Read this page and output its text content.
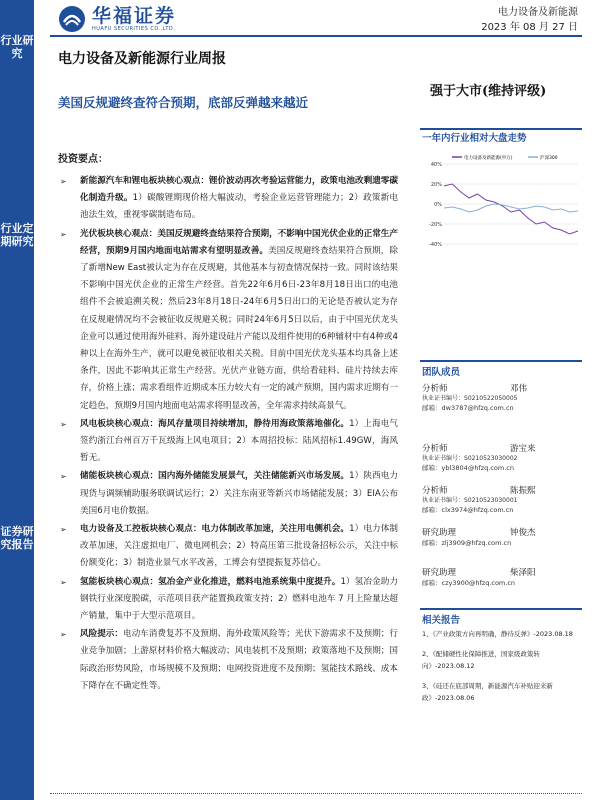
行业研究
行业定期研究
证券研究报告
华福证券
HUAFU SECURITIES CO.,LTD.
电力设备及新能源
2023 年 08 月 27 日
电力设备及新能源行业周报
美国反规避终查符合预期，底部反弹越来越近
强于大市(维持评级)
一年内行业相对大盘走势
40%
20%
0%
-20%
-40%
电力设备及新能源(申万)	沪深300
团队成员
分析师	邓伟
执业证书编号：S0210522050005
邮箱：dw3787@hfzq.com.cn
分析师	游宝来
执业证书编号：S0210523030002
邮箱：ybl3804@hfzq.com.cn
分析师	陈振熙
执业证书编号：S0210523030001
邮箱：clx3974@hfzq.com.cn
研究助理	钟俊杰
邮箱：zlj3909@hfzq.com.cn
研究助理	柴泽阳
邮箱：czy3900@hfzq.com.cn
相关报告
1、《产业政策方向再明确，静待反弹》-2023.08.18
2、《配储硬性化保障推进，国家级政策转向》-2023.08.12
3、《硅还在底部周期，新能源汽车补贴迎来新政》-2023.08.06
投资要点：
➢ 新能源汽车和锂电板块核心观点：锂价波动再次考验运营能力，政策电池改剩遗零碳化制造升级。1）碳酸锂期现价格大幅波动，考验企业运营管理能力；2）政策新电池法生效，重视零碳制造布局。
➢ 光伏板块核心观点：美国反规避终查结果符合预期，不影响中国光伏企业的正常生产经营，预期9月国内地面电站需求有望明显改善。美国反规避终查结果符合预期，除了新增New East被认定为存在反规避，其他基本与初查情况保持一致。同时该结果不影响中国光伏企业的正常生产经营。首先22年6月6日-23年8月18日出口的电池组件不会被追溯关税；然后23年8月18日-24年6月5日出口的无论是否被认定为存在反规避情况均不会被征收反规避关税；同时24年6月5日以后，由于中国光伏龙头企业可以通过使用海外硅料、海外建设硅片产能以及组件使用的6种辅材中有4种或4种以上在海外生产，就可以避免被征收相关关税。目前中国光伏龙头基本均具备上述条件，因此不影响其正常生产经营。光伏产业链方面，供给看硅料、硅片持续去库存，价格上涨；需求看组件近期成本压力较大有一定的减产预期，国内需求近期有一定趋色，预期9月国内地面电站需求将明显改善，全年需求持续高景气。
➢ 风电板块核心观点：海风存量项目持续增加，静待用海政策落地催化。1）上海电气签约浙江台州百万千瓦级海上风电项目；2）本周招投标：陆风招标1.49GW，海风暂无。
➢ 储能板块核心观点：国内海外储能发展景气，关注储能新兴市场发展。1）陕西电力现货与调频辅助服务联调试运行；2）关注东南亚等新兴市场储能发展；3）EIA公布美国6月电价数据。
➢ 电力设备及工控板块核心观点：电力体制改革加速，关注用电侧机会。1）电力体制改革加速，关注虚拟电厂、微电网机会；2）特高压第三批设备招标公示，关注中标份额变化；3）制造业景气水平改善，工博会有望提振复苏信心。
➢ 氢能板块核心观点：氢冶金产业化推进，燃料电池系统集中度提升。1）氢冶金助力钢铁行业深度脱碳，示范项目获产能置换政策支持；2）燃料电池车 7 月上险量达超产销量，集中于大型示范项目。
➢ 风险提示：电动车消费复苏不及预期、海外政策风险等；光伏下游需求不及预期；行业竞争加剧；上游原材料价格大幅波动；风电装机不及预期；政策落地不及预期；国际政治形势风险，市场规模不及预期；电网投资进度不及预期；氢能技术路线、成本下降存在不确定性等。
